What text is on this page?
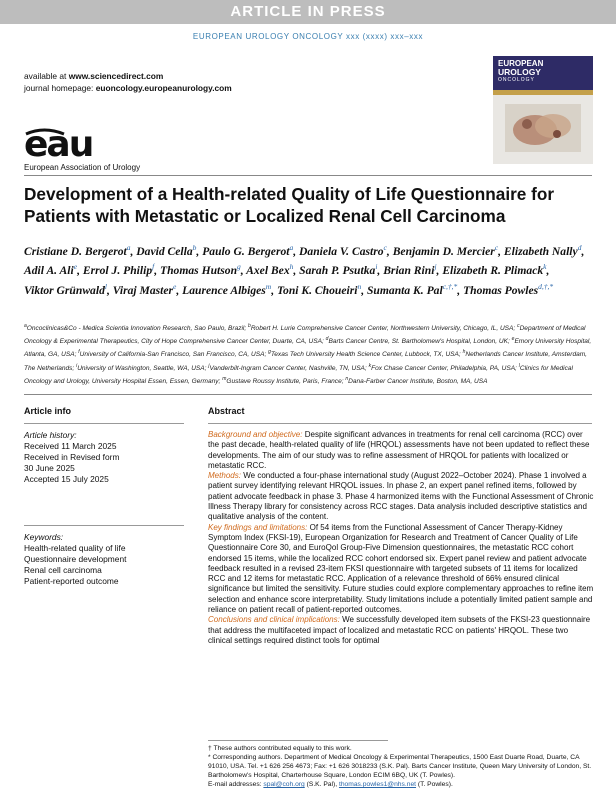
ARTICLE IN PRESS
EUROPEAN UROLOGY ONCOLOGY xxx (xxxx) xxx–xxx
available at www.sciencedirect.com
journal homepage: euoncology.europeanurology.com
EUROPEAN
UROLOGY
ONCOLOGY
eau
European Association of Urology
Development of a Health-related Quality of Life Questionnaire for Patients with Metastatic or Localized Renal Cell Carcinoma
Cristiane D. Bergerot$^a$, David Cella$^b$, Paulo G. Bergerot$^a$, Daniela V. Castro$^c$, Benjamin D. Mercier$^c$, Elizabeth Nally$^d$, Adil A. Ali$^e$, Errol J. Philip$^f$, Thomas Hutson$^g$, Axel Bex$^h$, Sarah P. Psutka$^i$, Brian Rini$^j$, Elizabeth R. Plimack$^k$, Viktor Grünwald$^l$, Viraj Master$^e$, Laurence Albiges$^m$, Toni K. Choueiri$^n$, Sumanta K. Pal$^{c,\dagger,*}$, Thomas Powles$^{d,\dagger,*}$
$^a$Oncoclinicas&Co - Medica Scientia Innovation Research, Sao Paulo, Brazil; $^b$Robert H. Lurie Comprehensive Cancer Center, Northwestern University, Chicago, IL, USA; $^c$Department of Medical Oncology & Experimental Therapeutics, City of Hope Comprehensive Cancer Center, Duarte, CA, USA; $^d$Barts Cancer Centre, St. Bartholomew's Hospital, London, UK; $^e$Emory University Hospital, Atlanta, GA, USA; $^f$University of California-San Francisco, San Francisco, CA, USA; $^g$Texas Tech University Health Science Center, Lubbock, TX, USA; $^h$Netherlands Cancer Institute, Amsterdam, The Netherlands; $^i$University of Washington, Seattle, WA, USA; $^j$Vanderbilt-Ingram Cancer Center, Nashville, TN, USA; $^k$Fox Chase Cancer Center, Philadelphia, PA, USA; $^l$Clinics for Medical Oncology and Urology, University Hospital Essen, Essen, Germany; $^m$Gustave Roussy Institute, Paris, France; $^n$Dana-Farber Cancer Institute, Boston, MA, USA
Article info
Article history:
Received 11 March 2025
Received in Revised form
30 June 2025
Accepted 15 July 2025
Keywords:
Health-related quality of life
Questionnaire development
Renal cell carcinoma
Patient-reported outcome
Abstract

Background and objective: Despite significant advances in treatments for renal cell carcinoma (RCC) over the past decade, health-related quality of life (HRQOL) assessments have not been updated to reflect these developments. The aim of our study was to refine assessment of HRQOL for patients with localized or metastatic RCC.

Methods: We conducted a four-phase international study (August 2022–October 2024). Phase 1 involved a patient survey identifying relevant HRQOL issues. In phase 2, an expert panel refined items, followed by patient advocate feedback in phase 3. Phase 4 harmonized items with the Functional Assessment of Chronic Illness Therapy library for consistency across RCC stages. Data analysis included descriptive statistics and qualitative analysis of the content.

Key findings and limitations: Of 54 items from the Functional Assessment of Cancer Therapy-Kidney Symptom Index (FKSI-19), European Organization for Research and Treatment of Cancer Quality of Life Questionnaire Core 30, and EuroQol Group-Five Dimension questionnaires, the metastatic RCC cohort endorsed 15 items, while the localized RCC cohort endorsed six. Expert panel review and patient advocate feedback resulted in a revised 23-item FKSI questionnaire with targeted subsets of 11 items for localized RCC and 12 items for metastatic RCC. Application of a relevance threshold of 66% ensured clinical significance but limited the sensitivity. Future studies could explore complementary approaches to refine item selection and enhance score interpretability. Study limitations include a potentially limited patient sample and reliance on patient recall of patient-reported outcomes.

Conclusions and clinical implications: We successfully developed item subsets of the FKSI-23 questionnaire that address the multifaceted impact of localized and metastatic RCC on patients' HRQOL. These two clinical settings required distinct tools for optimal

† These authors contributed equally to this work.
* Corresponding authors. Department of Medical Oncology & Experimental Therapeutics, 1500 East Duarte Road, Duarte, CA 91010, USA. Tel. +1 626 256 4673; Fax: +1 626 3018233 (S.K. Pal). Barts Cancer Institute, Queen Mary University of London, St. Bartholomew's Hospital, Charterhouse Square, London ECIM 6BQ, UK (T. Powles).
E-mail addresses: spal@coh.org (S.K. Pal), thomas.powles1@nhs.net (T. Powles).
